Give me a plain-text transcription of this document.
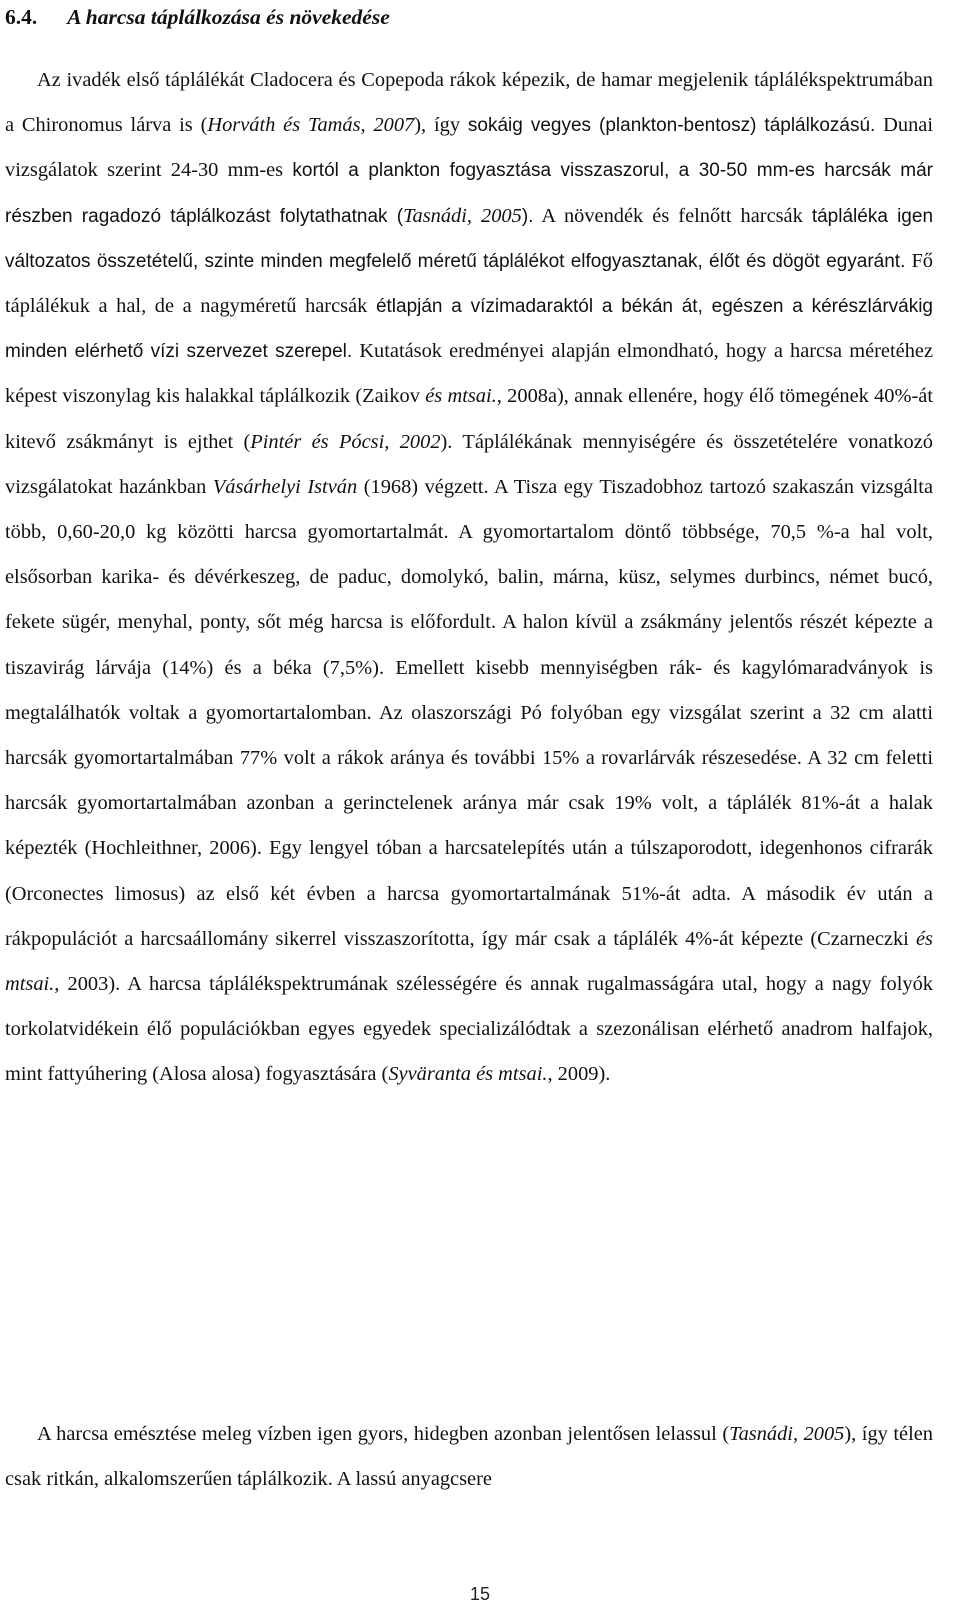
6.4. A harcsa táplálkozása és növekedése

Az ivadék első táplálékát Cladocera és Copepoda rákok képezik, de hamar megjelenik táplálékspektrumában a Chironomus lárva is (Horváth és Tamás, 2007), így sokáig vegyes (plankton-bentosz) táplálkozású. Dunai vizsgálatok szerint 24-30 mm-es kortól a plankton fogyasztása visszaszorul, a 30-50 mm-es harcsák már részben ragadozó táplálkozást folytathatnak (Tasnádi, 2005). A növendék és felnőtt harcsák tápláléka igen változatos összetételű, szinte minden megfelelő méretű táplálékot elfogyasztanak, élőt és dögöt egyaránt. Fő táplálékuk a hal, de a nagyméretű harcsák étlapján a vízimadaraktól a békán át, egészen a kérészlárvákig minden elérhető vízi szervezet szerepel. Kutatások eredményei alapján elmondható, hogy a harcsa méretéhez képest viszonylag kis halakkal táplálkozik (Zaikov és mtsai., 2008a), annak ellenére, hogy élő tömegének 40%-át kitevő zsákmányt is ejthet (Pintér és Pócsi, 2002). Táplálékának mennyiségére és összetételére vonatkozó vizsgálatokat hazánkban Vásárhelyi István (1968) végzett. A Tisza egy Tiszadobhoz tartozó szakaszán vizsgálta több, 0,60-20,0 kg közötti harcsa gyomortartalmát. A gyomortartalom döntő többsége, 70,5 %-a hal volt, elsősorban karika- és dévérkeszeg, de paduc, domolykó, balin, márna, küsz, selymes durbincs, német bucó, fekete sügér, menyhal, ponty, sőt még harcsa is előfordult. A halon kívül a zsákmány jelentős részét képezte a tiszavirág lárvája (14%) és a béka (7,5%). Emellett kisebb mennyiségben rák- és kagylómaradványok is megtalálhatók voltak a gyomortartalomban. Az olaszországi Pó folyóban egy vizsgálat szerint a 32 cm alatti harcsák gyomortartalmában 77% volt a rákok aránya és további 15% a rovarlárvák részesedése. A 32 cm feletti harcsák gyomortartalmában azonban a gerinctelenek aránya már csak 19% volt, a táplálék 81%-át a halak képezték (Hochleithner, 2006). Egy lengyel tóban a harcsatelepítés után a túlszaporodott, idegenhonos cifrarák (Orconectes limosus) az első két évben a harcsa gyomortartalmának 51%-át adta. A második év után a rákpopulációt a harcsaállomány sikerrel visszaszorította, így már csak a táplálék 4%-át képezte (Czarneczki és mtsai., 2003). A harcsa táplálékspektrumának szélességére és annak rugalmasságára utal, hogy a nagy folyók torkolatvidékein élő populációkban egyes egyedek specializálódtak a szezonálisan elérhető anadrom halfajok, mint fattyúhering (Alosa alosa) fogyasztására (Syväranta és mtsai., 2009).

A harcsa emésztése meleg vízben igen gyors, hidegben azonban jelentősen lelassul (Tasnádi, 2005), így télen csak ritkán, alkalomszerűen táplálkozik. A lassú anyagcsere

15
